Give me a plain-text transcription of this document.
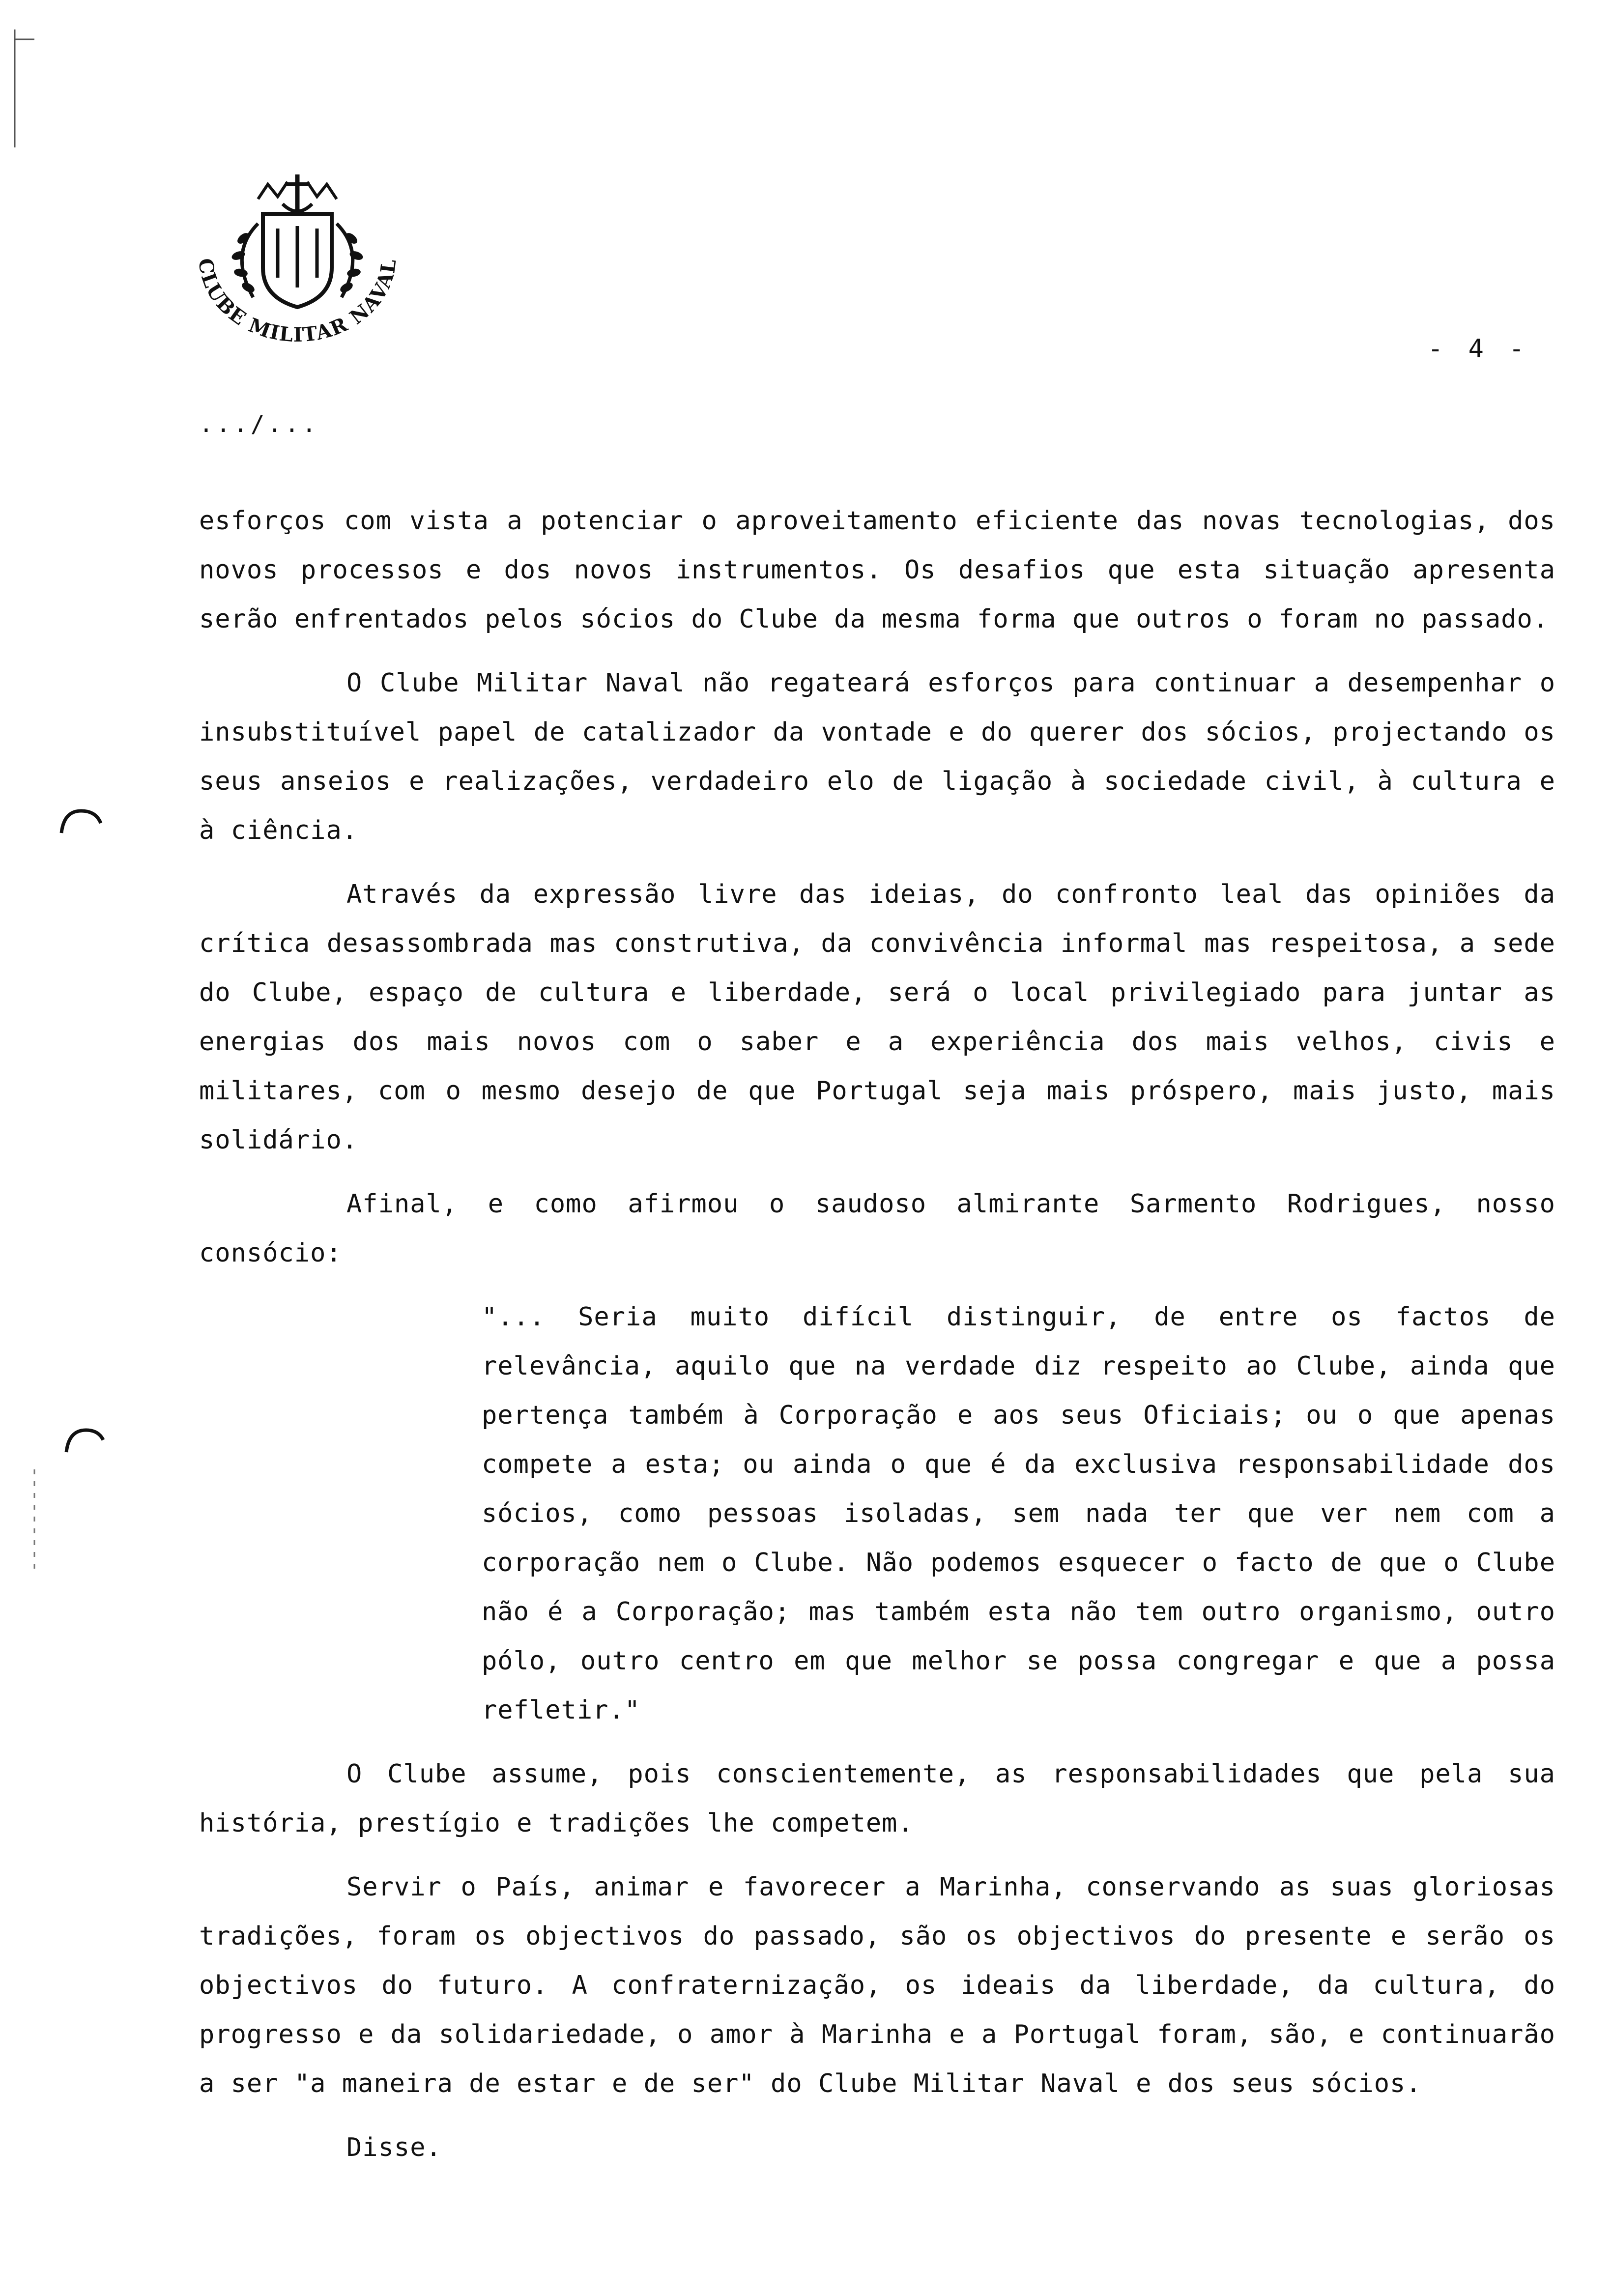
CLUBE MILITAR NAVAL
- 4 -
.../...

esforços com vista a potenciar o aproveitamento eficiente das novas tecnologias, dos novos processos e dos novos instrumentos. Os desafios que esta situação apresenta serão enfrentados pelos sócios do Clube da mesma forma que outros o foram no passado.

O Clube Militar Naval não regateará esforços para continuar a desempenhar o insubstituível papel de catalizador da vontade e do querer dos sócios, projectando os seus anseios e realizações, verdadeiro elo de ligação à sociedade civil, à cultura e à ciência.

Através da expressão livre das ideias, do confronto leal das opiniões da crítica desassombrada mas construtiva, da convivência informal mas respeitosa, a sede do Clube, espaço de cultura e liberdade, será o local privilegiado para juntar as energias dos mais novos com o saber e a experiência dos mais velhos, civis e militares, com o mesmo desejo de que Portugal seja mais próspero, mais justo, mais solidário.

Afinal, e como afirmou o saudoso almirante Sarmento Rodrigues, nosso consócio:

"... Seria muito difícil distinguir, de entre os factos de relevância, aquilo que na verdade diz respeito ao Clube, ainda que pertença também à Corporação e aos seus Oficiais; ou o que apenas compete a esta; ou ainda o que é da exclusiva responsabilidade dos sócios, como pessoas isoladas, sem nada ter que ver nem com a corporação nem o Clube. Não podemos esquecer o facto de que o Clube não é a Corporação; mas também esta não tem outro organismo, outro pólo, outro centro em que melhor se possa congregar e que a possa refletir."

O Clube assume, pois conscientemente, as responsabilidades que pela sua história, prestígio e tradições lhe competem.

Servir o País, animar e favorecer a Marinha, conservando as suas gloriosas tradições, foram os objectivos do passado, são os objectivos do presente e serão os objectivos do futuro. A confraternização, os ideais da liberdade, da cultura, do progresso e da solidariedade, o amor à Marinha e a Portugal foram, são, e continuarão a ser "a maneira de estar e de ser" do Clube Militar Naval e dos seus sócios.

Disse.
